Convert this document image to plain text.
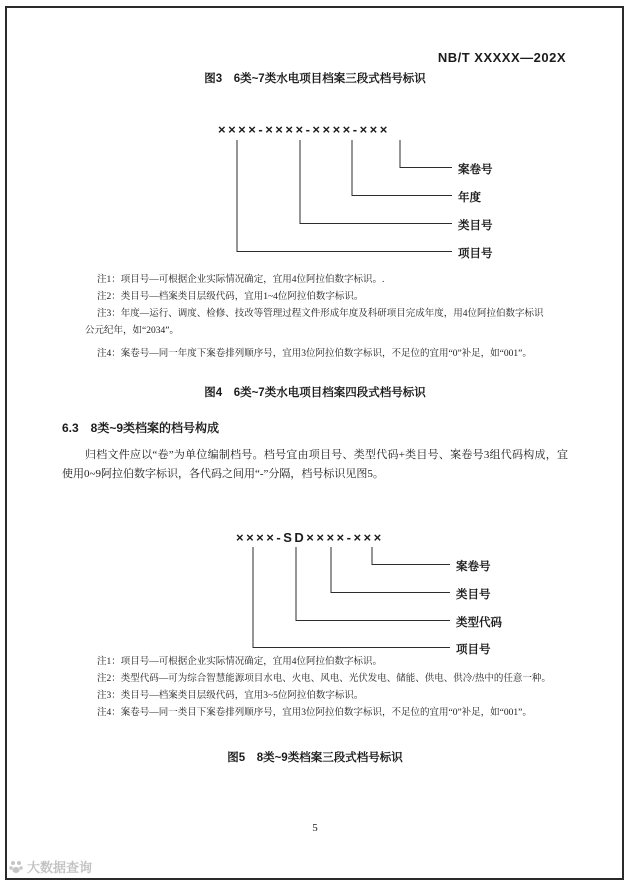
NB/T XXXXX—202X
图3　6类~7类水电项目档案三段式档号标识
××××-××××-××××-×××
案卷号
年度
类目号
项目号

注1：项目号—可根据企业实际情况确定，宜用4位阿拉伯数字标识。.

注2：类目号—档案类目层级代码，宜用1~4位阿拉伯数字标识。

注3：年度—运行、调度、检修、技改等管理过程文件形成年度及科研项目完成年度，用4位阿拉伯数字标识公元纪年，如“2034”。

注4：案卷号—同一年度下案卷排列顺序号，宜用3位阿拉伯数字标识，不足位的宜用“0”补足，如“001”。

图4　6类~7类水电项目档案四段式档号标识
6.3　8类~9类档案的档号构成
归档文件应以“卷”为单位编制档号。档号宜由项目号、类型代码+类目号、案卷号3组代码构成，宜使用0~9阿拉伯数字标识，各代码之间用“-”分隔，档号标识见图5。
××××-SD××××-×××
案卷号
类目号
类型代码
项目号

注1：项目号—可根据企业实际情况确定，宜用4位阿拉伯数字标识。

注2：类型代码—可为综合智慧能源项目水电、火电、风电、光伏发电、储能、供电、供冷/热中的任意一种。

注3：类目号—档案类目层级代码，宜用3~5位阿拉伯数字标识。

注4：案卷号—同一类目下案卷排列顺序号，宜用3位阿拉伯数字标识，不足位的宜用“0”补足，如“001”。

图5　8类~9类档案三段式档号标识
5
大数据查询
